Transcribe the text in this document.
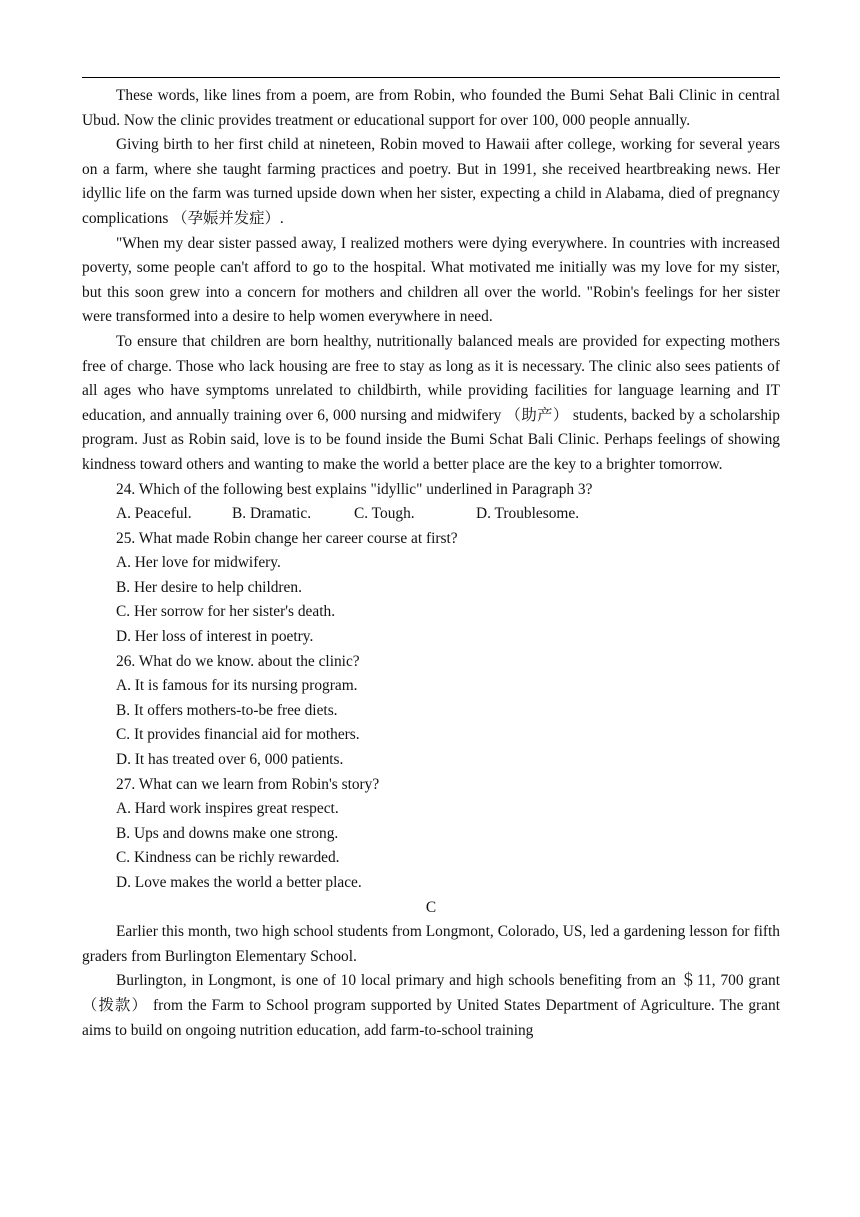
These words, like lines from a poem, are from Robin, who founded the Bumi Sehat Bali Clinic in central Ubud. Now the clinic provides treatment or educational support for over 100, 000 people annually.

Giving birth to her first child at nineteen, Robin moved to Hawaii after college, working for several years on a farm, where she taught farming practices and poetry. But in 1991, she received heartbreaking news. Her idyllic life on the farm was turned upside down when her sister, expecting a child in Alabama, died of pregnancy complications （孕娠并发症）.

"When my dear sister passed away, I realized mothers were dying everywhere. In countries with increased poverty, some people can't afford to go to the hospital. What motivated me initially was my love for my sister, but this soon grew into a concern for mothers and children all over the world. "Robin's feelings for her sister were transformed into a desire to help women everywhere in need.

To ensure that children are born healthy, nutritionally balanced meals are provided for expecting mothers free of charge. Those who lack housing are free to stay as long as it is necessary. The clinic also sees patients of all ages who have symptoms unrelated to childbirth, while providing facilities for language learning and IT education, and annually training over 6, 000 nursing and midwifery （助产） students, backed by a scholarship program. Just as Robin said, love is to be found inside the Bumi Schat Bali Clinic. Perhaps feelings of showing kindness toward others and wanting to make the world a better place are the key to a brighter tomorrow.

24. Which of the following best explains "idyllic" underlined in Paragraph 3?

A. Peaceful.	B. Dramatic.	C. Tough.	D. Troublesome.

25. What made Robin change her career course at first?

A. Her love for midwifery.

B. Her desire to help children.

C. Her sorrow for her sister's death.

D. Her loss of interest in poetry.

26. What do we know. about the clinic?

A. It is famous for its nursing program.

B. It offers mothers-to-be free diets.

C. It provides financial aid for mothers.

D. It has treated over 6, 000 patients.

27. What can we learn from Robin's story?

A. Hard work inspires great respect.

B. Ups and downs make one strong.

C. Kindness can be richly rewarded.

D. Love makes the world a better place.

C

Earlier this month, two high school students from Longmont, Colorado, US, led a gardening lesson for fifth graders from Burlington Elementary School.

Burlington, in Longmont, is one of 10 local primary and high schools benefiting from an ＄11, 700 grant （拨款） from the Farm to School program supported by United States Department of Agriculture. The grant aims to build on ongoing nutrition education, add farm-to-school training
